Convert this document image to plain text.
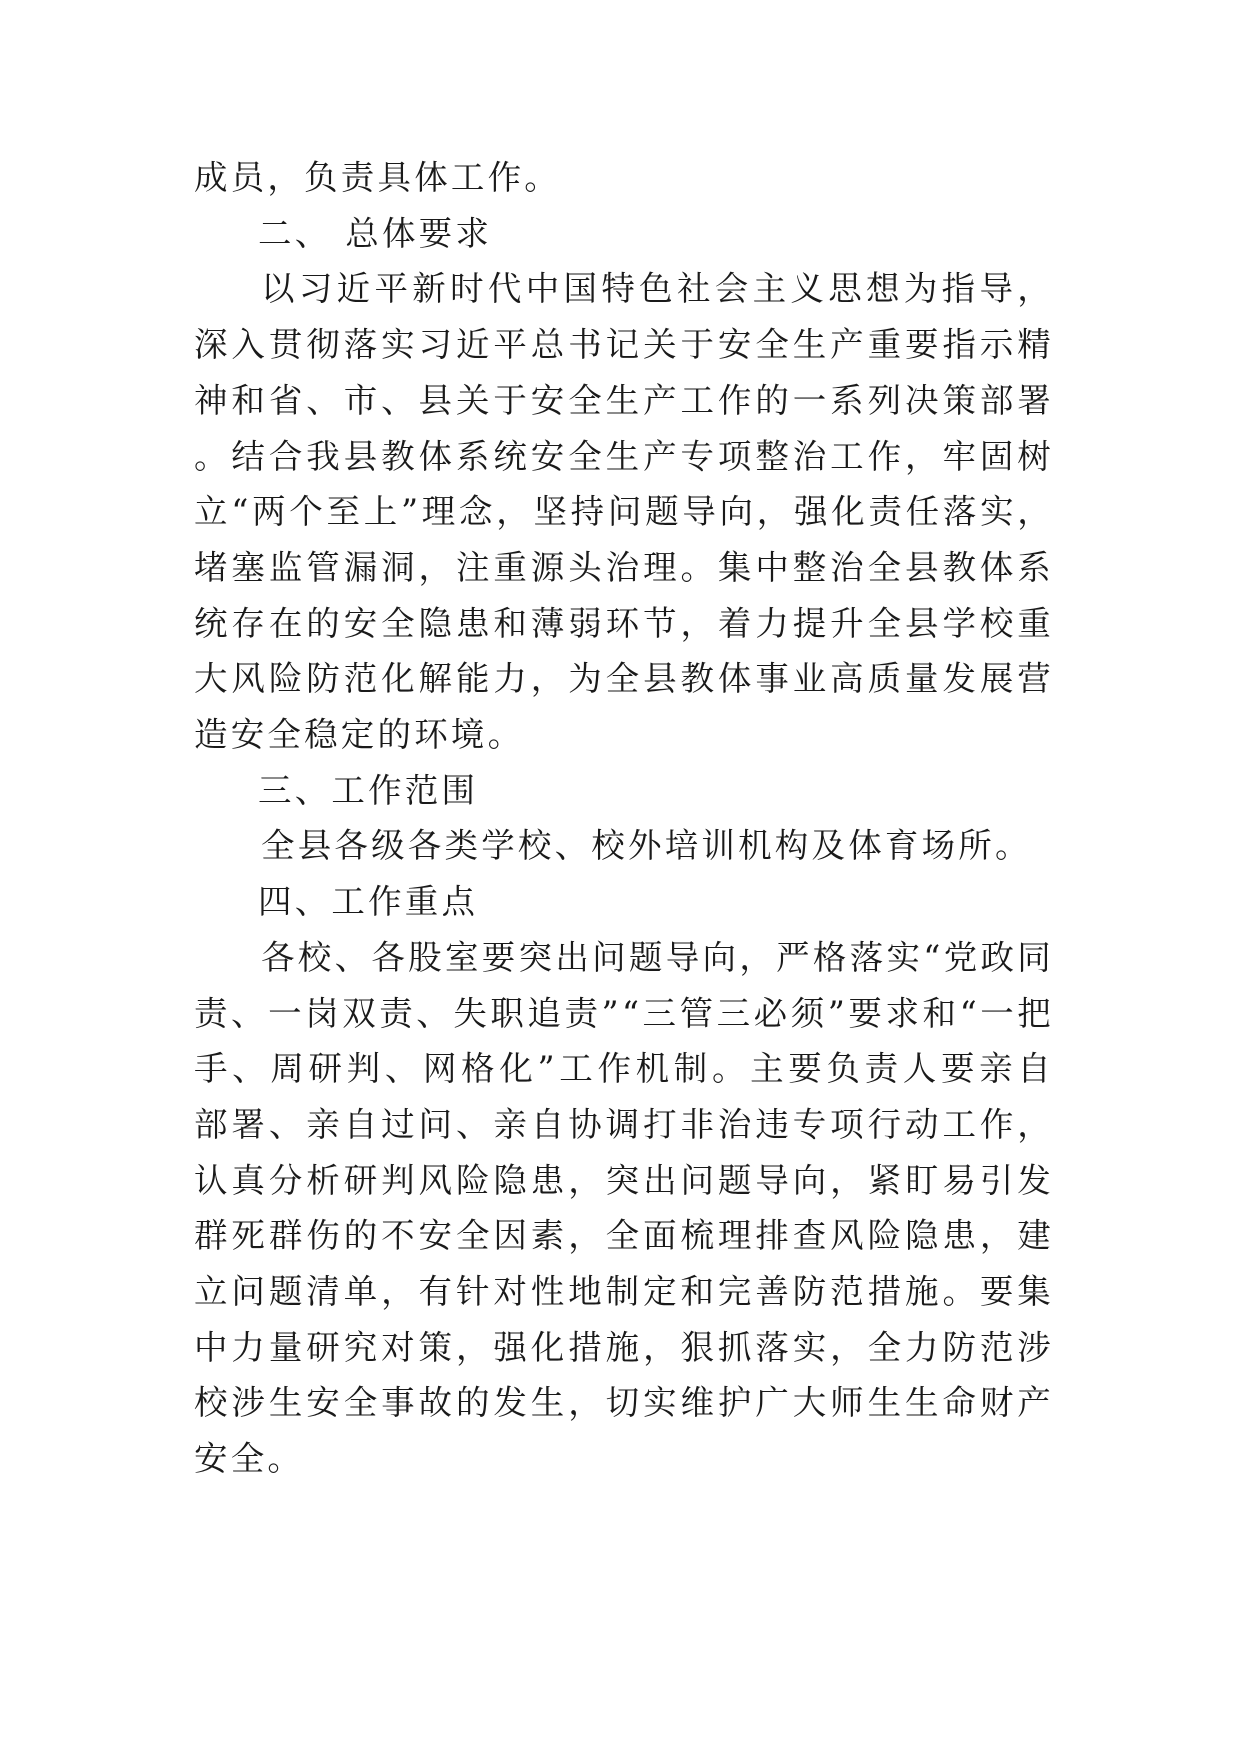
成员，负责具体工作。

二、 总体要求

以习近平新时代中国特色社会主义思想为指导，深入贯彻落实习近平总书记关于安全生产重要指示精神和省、市、县关于安全生产工作的一系列决策部署。结合我县教体系统安全生产专项整治工作，牢固树立“两个至上”理念，坚持问题导向，强化责任落实，堵塞监管漏洞，注重源头治理。集中整治全县教体系统存在的安全隐患和薄弱环节，着力提升全县学校重大风险防范化解能力，为全县教体事业高质量发展营造安全稳定的环境。

三、工作范围

全县各级各类学校、校外培训机构及体育场所。

四、工作重点

各校、各股室要突出问题导向，严格落实“党政同责、一岗双责、失职追责”“三管三必须”要求和“一把手、周研判、网格化”工作机制。主要负责人要亲自部署、亲自过问、亲自协调打非治违专项行动工作，认真分析研判风险隐患，突出问题导向，紧盯易引发群死群伤的不安全因素，全面梳理排查风险隐患，建立问题清单，有针对性地制定和完善防范措施。要集中力量研究对策，强化措施，狠抓落实，全力防范涉校涉生安全事故的发生，切实维护广大师生生命财产安全。
